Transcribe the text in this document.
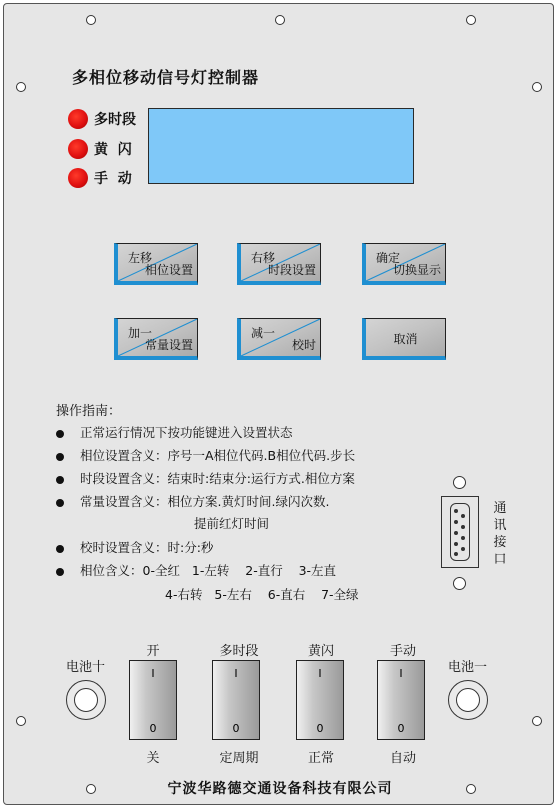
多相位移动信号灯控制器
多时段
黄  闪
手  动
左移
相位设置
右移
时段设置
确定
切换显示
加一
常量设置
减一
校时	取消
操作指南：
正常运行情况下按功能键进入设置状态
相位设置含义：序号一A相位代码.B相位代码.步长
时段设置含义：结束时:结束分:运行方式.相位方案
常量设置含义：相位方案.黄灯时间.绿闪次数.
提前红灯时间
校时设置含义：时:分:秒
相位含义：0-全红   1-左转    2-直行    3-左直
4-右转   5-左右    6-直右    7-全绿
通
讯
接
口
电池十	电池一
开
I
0
关
多时段
I
0
定周期
黄闪
I
0
正常
手动
I
0
自动
宁波华路德交通设备科技有限公司
